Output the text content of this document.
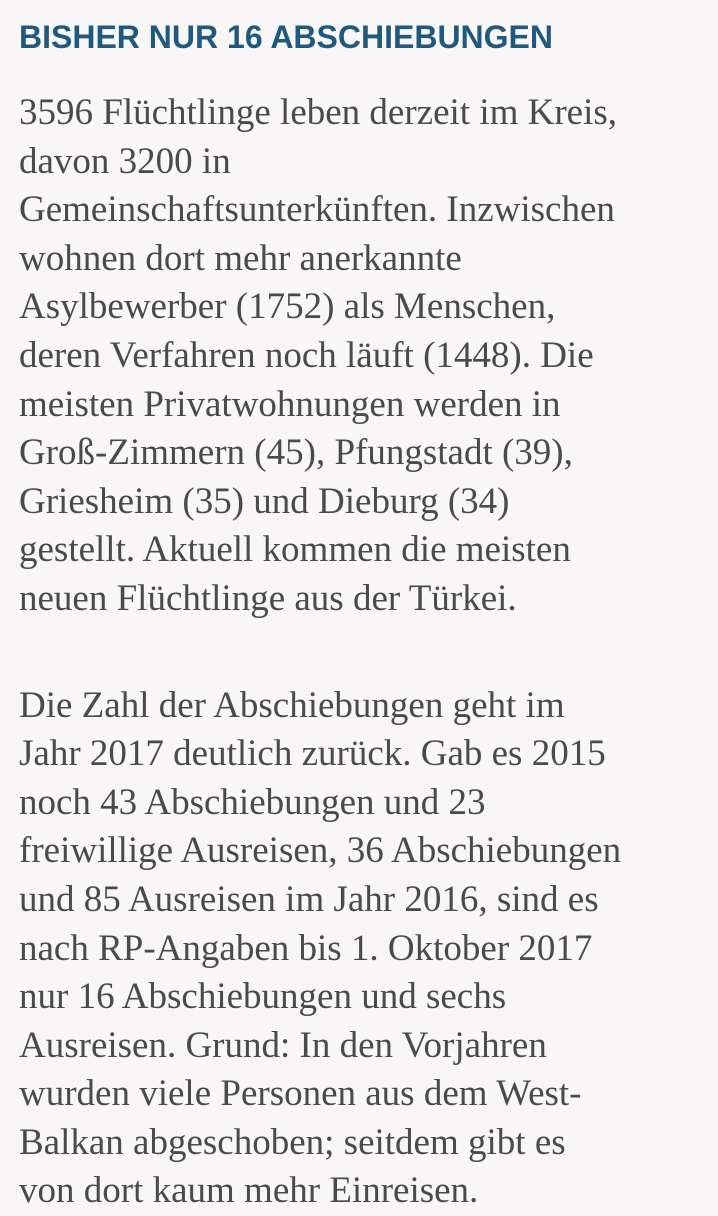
BISHER NUR 16 ABSCHIEBUNGEN

3596 Flüchtlinge leben derzeit im Kreis,
davon 3200 in
Gemeinschaftsunterkünften. Inzwischen
wohnen dort mehr anerkannte
Asylbewerber (1752) als Menschen,
deren Verfahren noch läuft (1448). Die
meisten Privatwohnungen werden in
Groß-Zimmern (45), Pfungstadt (39),
Griesheim (35) und Dieburg (34)
gestellt. Aktuell kommen die meisten
neuen Flüchtlinge aus der Türkei.

Die Zahl der Abschiebungen geht im
Jahr 2017 deutlich zurück. Gab es 2015
noch 43 Abschiebungen und 23
freiwillige Ausreisen, 36 Abschiebungen
und 85 Ausreisen im Jahr 2016, sind es
nach RP-Angaben bis 1. Oktober 2017
nur 16 Abschiebungen und sechs
Ausreisen. Grund: In den Vorjahren
wurden viele Personen aus dem West-
Balkan abgeschoben; seitdem gibt es
von dort kaum mehr Einreisen.
